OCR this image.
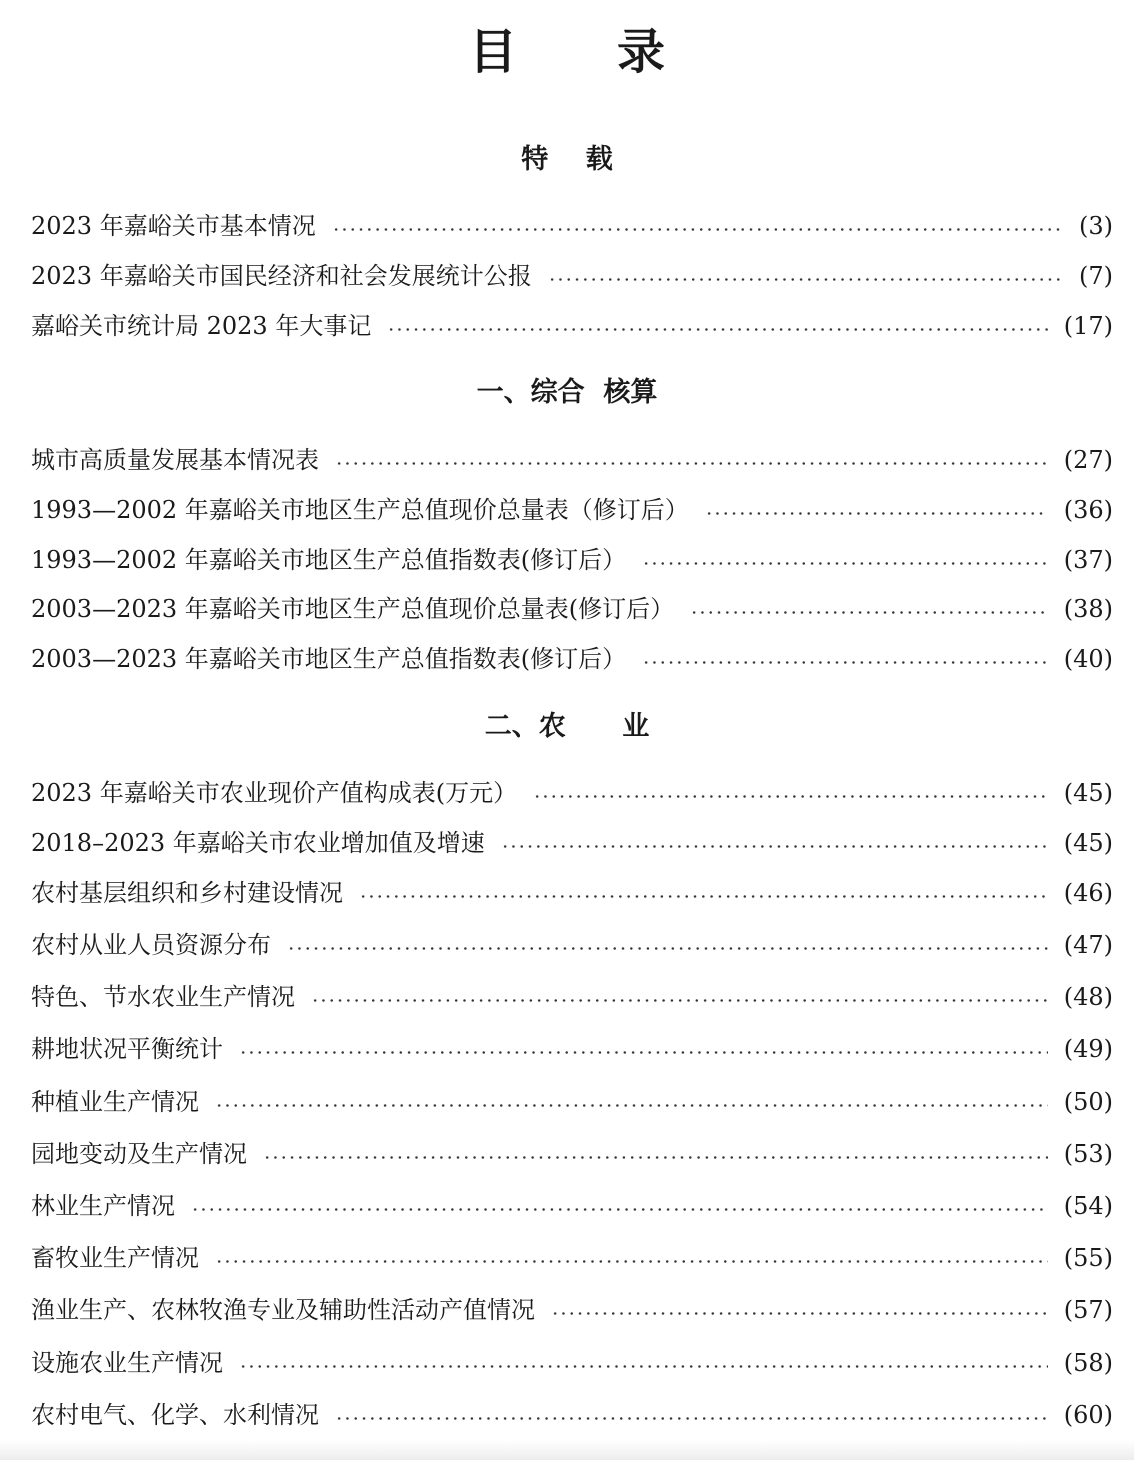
目录
特    载
2023 年嘉峪关市基本情况	(3)
2023 年嘉峪关市国民经济和社会发展统计公报	(7)
嘉峪关市统计局 2023 年大事记	(17)
一、综合  核算
城市高质量发展基本情况表	(27)
1993—2002 年嘉峪关市地区生产总值现价总量表（修订后）	(36)
1993—2002 年嘉峪关市地区生产总值指数表(修订后）	(37)
2003—2023 年嘉峪关市地区生产总值现价总量表(修订后）	(38)
2003—2023 年嘉峪关市地区生产总值指数表(修订后）	(40)
二、农      业
2023 年嘉峪关市农业现价产值构成表(万元）	(45)
2018–2023 年嘉峪关市农业增加值及增速	(45)
农村基层组织和乡村建设情况	(46)
农村从业人员资源分布	(47)
特色、节水农业生产情况	(48)
耕地状况平衡统计	(49)
种植业生产情况	(50)
园地变动及生产情况	(53)
林业生产情况	(54)
畜牧业生产情况	(55)
渔业生产、农林牧渔专业及辅助性活动产值情况	(57)
设施农业生产情况	(58)
农村电气、化学、水利情况	(60)
